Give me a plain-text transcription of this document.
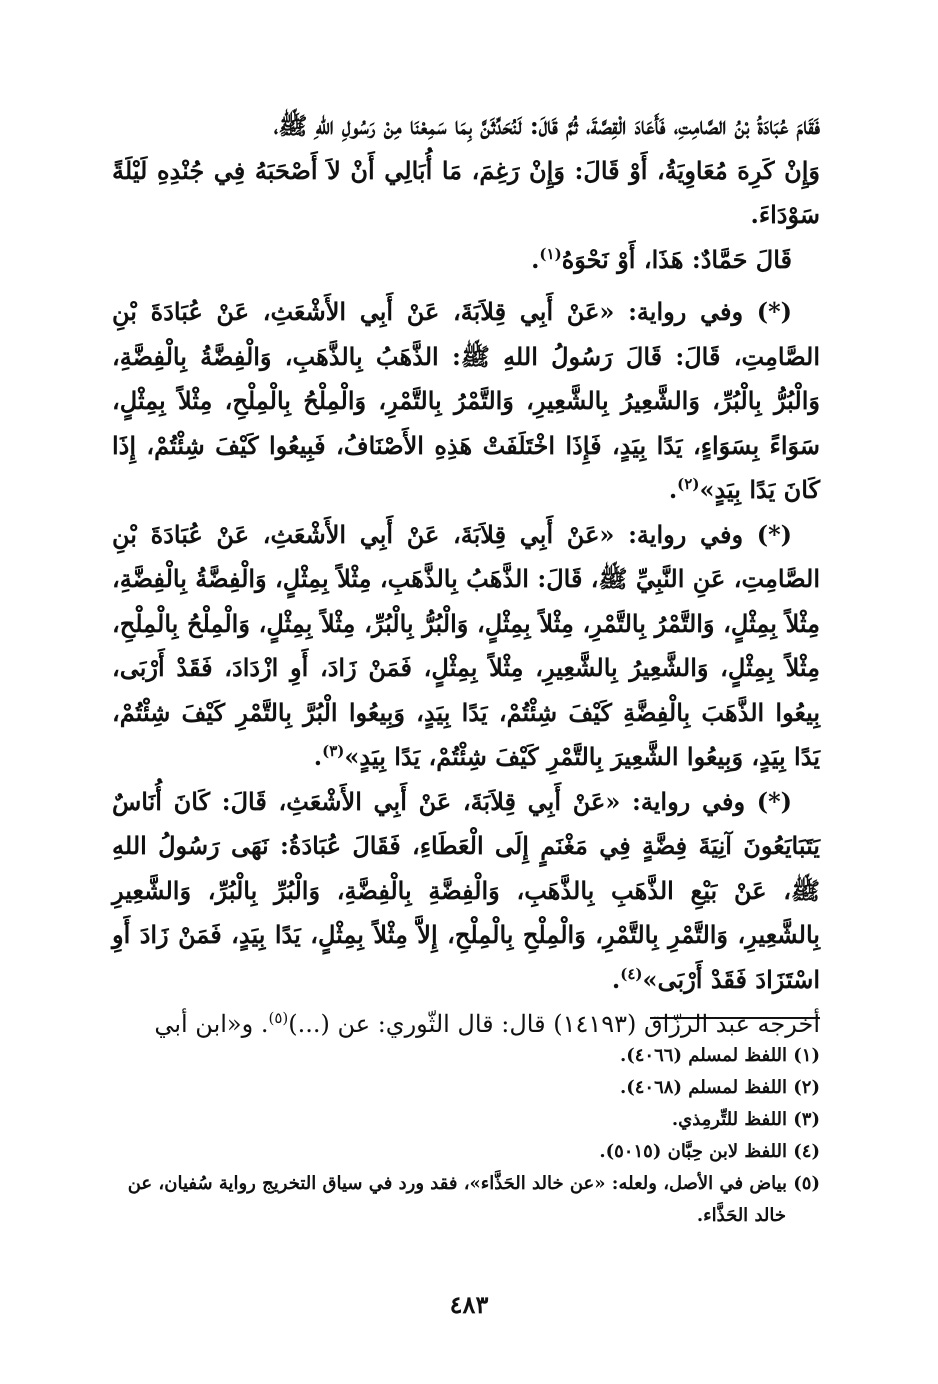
فَقَامَ عُبَادَةُ بْنُ الصَّامِتِ، فَأَعَادَ الْقِصَّةَ، ثُمَّ قَالَ: لَنُحَدِّثَنَّ بِمَا سَمِعْنَا مِنْ رَسُولِ اللهِ ﷺ،

وَإِنْ كَرِهَ مُعَاوِيَةُ، أَوْ قَالَ: وَإِنْ رَغِمَ، مَا أُبَالِي أَنْ لاَ أَصْحَبَهُ فِي جُنْدِهِ لَيْلَةً سَوْدَاءَ.

قَالَ حَمَّادٌ: هَذَا، أَوْ نَحْوَهُ$^{(١)}$.

(*) وفي رواية: «عَنْ أَبِي قِلاَبَةَ، عَنْ أَبِي الأَشْعَثِ، عَنْ عُبَادَةَ بْنِ الصَّامِتِ، قَالَ: قَالَ رَسُولُ اللهِ ﷺ: الذَّهَبُ بِالذَّهَبِ، وَالْفِضَّةُ بِالْفِضَّةِ، وَالْبُرُّ بِالْبُرِّ، وَالشَّعِيرُ بِالشَّعِيرِ، وَالتَّمْرُ بِالتَّمْرِ، وَالْمِلْحُ بِالْمِلْحِ، مِثْلاً بِمِثْلٍ، سَوَاءً بِسَوَاءٍ، يَدًا بِيَدٍ، فَإِذَا اخْتَلَفَتْ هَذِهِ الأَصْنَافُ، فَبِيعُوا كَيْفَ شِئْتُمْ، إِذَا كَانَ يَدًا بِيَدٍ»$^{(٢)}$.

(*) وفي رواية: «عَنْ أَبِي قِلاَبَةَ، عَنْ أَبِي الأَشْعَثِ، عَنْ عُبَادَةَ بْنِ الصَّامِتِ، عَنِ النَّبِيِّ ﷺ، قَالَ: الذَّهَبُ بِالذَّهَبِ، مِثْلاً بِمِثْلٍ، وَالْفِضَّةُ بِالْفِضَّةِ، مِثْلاً بِمِثْلٍ، وَالتَّمْرُ بِالتَّمْرِ، مِثْلاً بِمِثْلٍ، وَالْبُرُّ بِالْبُرِّ، مِثْلاً بِمِثْلٍ، وَالْمِلْحُ بِالْمِلْحِ، مِثْلاً بِمِثْلٍ، وَالشَّعِيرُ بِالشَّعِيرِ، مِثْلاً بِمِثْلٍ، فَمَنْ زَادَ، أَوِ ازْدَادَ، فَقَدْ أَرْبَى، بِيعُوا الذَّهَبَ بِالْفِضَّةِ كَيْفَ شِئْتُمْ، يَدًا بِيَدٍ، وَبِيعُوا الْبُرَّ بِالتَّمْرِ كَيْفَ شِئْتُمْ، يَدًا بِيَدٍ، وَبِيعُوا الشَّعِيرَ بِالتَّمْرِ كَيْفَ شِئْتُمْ، يَدًا بِيَدٍ»$^{(٣)}$.

(*) وفي رواية: «عَنْ أَبِي قِلاَبَةَ، عَنْ أَبِي الأَشْعَثِ، قَالَ: كَانَ أُنَاسٌ يَتَبَايَعُونَ آنِيَةَ فِضَّةٍ فِي مَغْنَمٍ إِلَى الْعَطَاءِ، فَقَالَ عُبَادَةُ: نَهَى رَسُولُ اللهِ ﷺ، عَنْ بَيْعِ الذَّهَبِ بِالذَّهَبِ، وَالْفِضَّةِ بِالْفِضَّةِ، وَالْبُرِّ بِالْبُرِّ، وَالشَّعِيرِ بِالشَّعِيرِ، وَالتَّمْرِ بِالتَّمْرِ، وَالْمِلْحِ بِالْمِلْحِ، إِلاَّ مِثْلاً بِمِثْلٍ، يَدًا بِيَدٍ، فَمَنْ زَادَ أَوِ اسْتَزَادَ فَقَدْ أَرْبَى»$^{(٤)}$.

أخرجه عبد الرزّاق (١٤١٩٣) قال: قال الثّوري: عن (...)$^{(٥)}$. و«ابن أبي

(١) اللفظ لمسلم (٤٠٦٦).
(٢) اللفظ لمسلم (٤٠٦٨).
(٣) اللفظ للتِّرمِذي.
(٤) اللفظ لابن حِبَّان (٥٠١٥).
(٥) بياض في الأصل، ولعله: «عن خالد الحَذَّاء»، فقد ورد في سياق التخريج رواية سُفيان، عن
خالد الحَذَّاء.
٤٨٣
